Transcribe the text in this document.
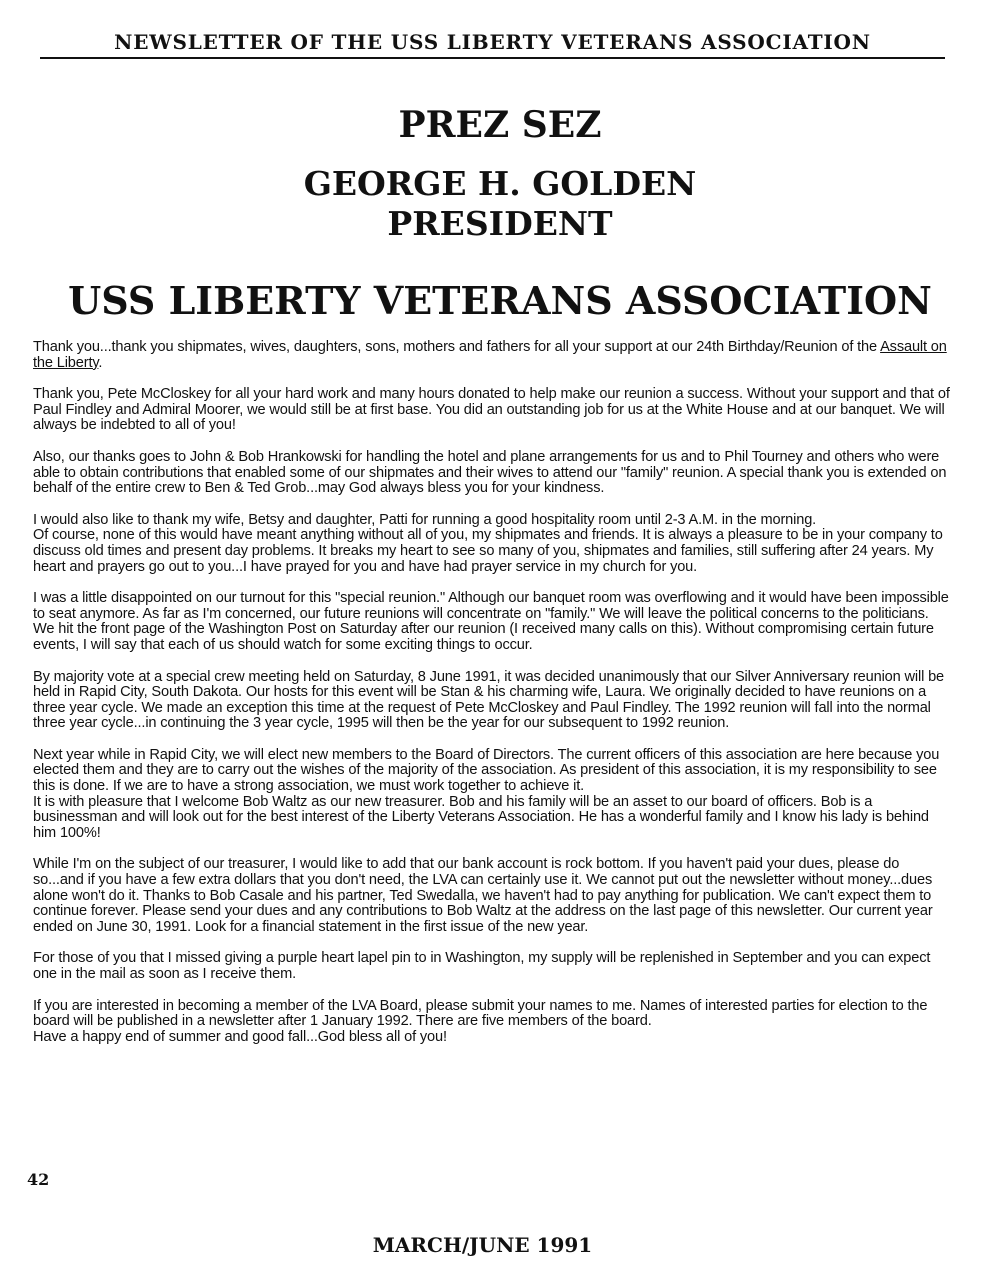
NEWSLETTER OF THE USS LIBERTY VETERANS ASSOCIATION
PREZ SEZ
GEORGE H. GOLDEN
PRESIDENT
USS LIBERTY VETERANS ASSOCIATION

Thank you...thank you shipmates, wives, daughters, sons, mothers and fathers for all your support at our 24th Birthday/Reunion of the Assault on the Liberty.

Thank you, Pete McCloskey for all your hard work and many hours donated to help make our reunion a success. Without your support and that of Paul Findley and Admiral Moorer, we would still be at first base. You did an outstanding job for us at the White House and at our banquet. We will always be indebted to all of you!

Also, our thanks goes to John & Bob Hrankowski for handling the hotel and plane arrangements for us and to Phil Tourney and others who were able to obtain contributions that enabled some of our shipmates and their wives to attend our "family" reunion. A special thank you is extended on behalf of the entire crew to Ben & Ted Grob...may God always bless you for your kindness.

I would also like to thank my wife, Betsy and daughter, Patti for running a good hospitality room until 2-3 A.M. in the morning.
Of course, none of this would have meant anything without all of you, my shipmates and friends. It is always a pleasure to be in your company to discuss old times and present day problems. It breaks my heart to see so many of you, shipmates and families, still suffering after 24 years. My heart and prayers go out to you...I have prayed for you and have had prayer service in my church for you.

I was a little disappointed on our turnout for this "special reunion." Although our banquet room was overflowing and it would have been impossible to seat anymore. As far as I'm concerned, our future reunions will concentrate on "family." We will leave the political concerns to the politicians. We hit the front page of the Washington Post on Saturday after our reunion (I received many calls on this). Without compromising certain future events, I will say that each of us should watch for some exciting things to occur.

By majority vote at a special crew meeting held on Saturday, 8 June 1991, it was decided unanimously that our Silver Anniversary reunion will be held in Rapid City, South Dakota. Our hosts for this event will be Stan & his charming wife, Laura. We originally decided to have reunions on a three year cycle. We made an exception this time at the request of Pete McCloskey and Paul Findley. The 1992 reunion will fall into the normal three year cycle...in continuing the 3 year cycle, 1995 will then be the year for our subsequent to 1992 reunion.

Next year while in Rapid City, we will elect new members to the Board of Directors. The current officers of this association are here because you elected them and they are to carry out the wishes of the majority of the association. As president of this association, it is my responsibility to see this is done. If we are to have a strong association, we must work together to achieve it.
It is with pleasure that I welcome Bob Waltz as our new treasurer. Bob and his family will be an asset to our board of officers. Bob is a businessman and will look out for the best interest of the Liberty Veterans Association. He has a wonderful family and I know his lady is behind him 100%!

While I'm on the subject of our treasurer, I would like to add that our bank account is rock bottom. If you haven't paid your dues, please do so...and if you have a few extra dollars that you don't need, the LVA can certainly use it. We cannot put out the newsletter without money...dues alone won't do it. Thanks to Bob Casale and his partner, Ted Swedalla, we haven't had to pay anything for publication. We can't expect them to continue forever. Please send your dues and any contributions to Bob Waltz at the address on the last page of this newsletter. Our current year ended on June 30, 1991. Look for a financial statement in the first issue of the new year.

For those of you that I missed giving a purple heart lapel pin to in Washington, my supply will be replenished in September and you can expect one in the mail as soon as I receive them.

If you are interested in becoming a member of the LVA Board, please submit your names to me. Names of interested parties for election to the board will be published in a newsletter after 1 January 1992. There are five members of the board.
Have a happy end of summer and good fall...God bless all of you!

42
MARCH/JUNE 1991
